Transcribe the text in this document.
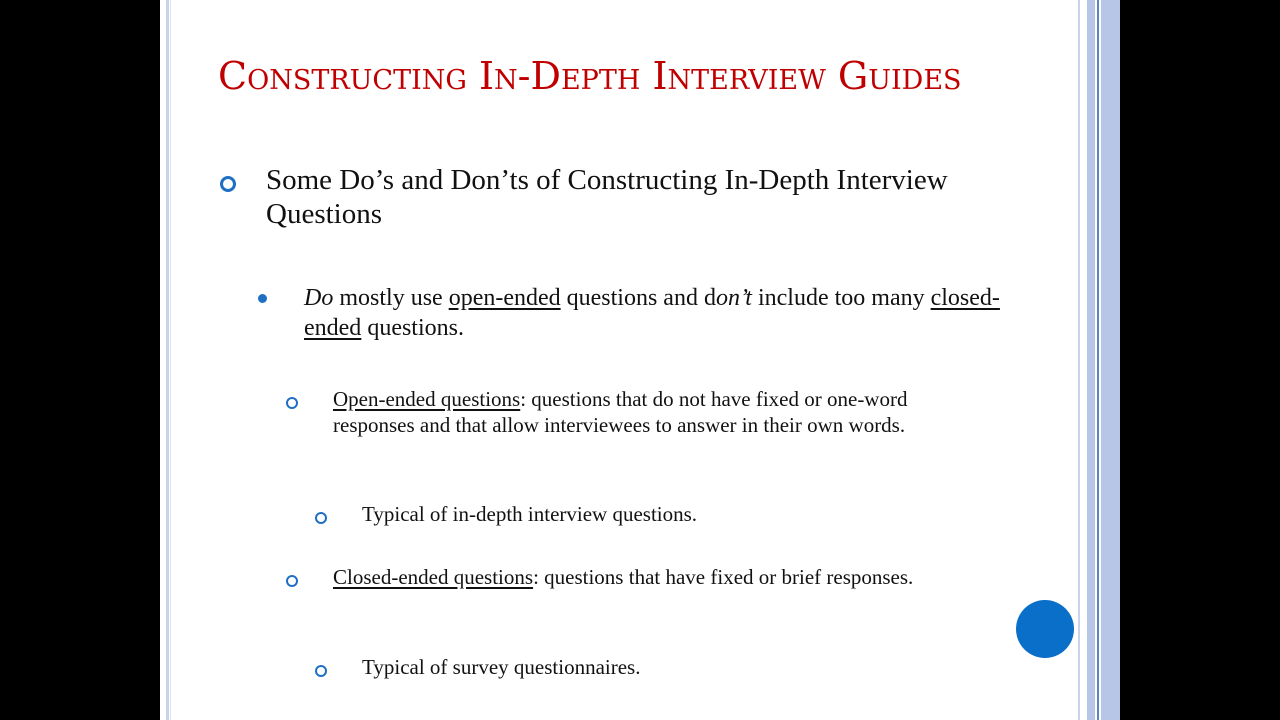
Constructing In-Depth Interview Guides
Some Do’s and Don’ts of Constructing In-Depth Interview Questions
Do mostly use open-ended questions and don’t include too many closed-ended questions.
Open-ended questions: questions that do not have fixed or one-word responses and that allow interviewees to answer in their own words.
Typical of in-depth interview questions.
Closed-ended questions: questions that have fixed or brief responses.
Typical of survey questionnaires.
